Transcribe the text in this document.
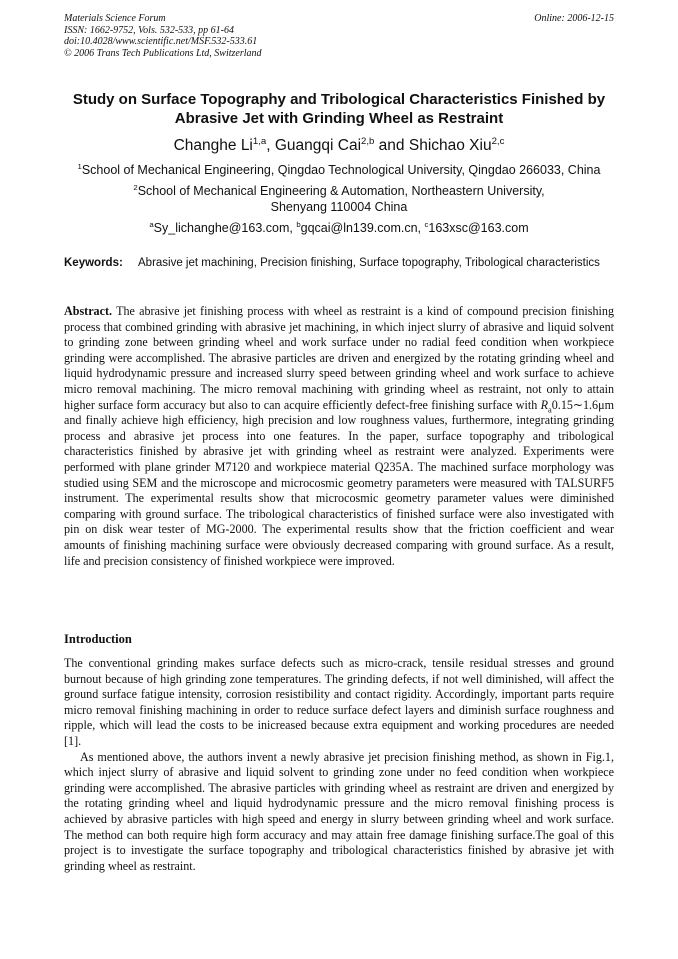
Materials Science Forum
ISSN: 1662-9752, Vols. 532-533, pp 61-64
doi:10.4028/www.scientific.net/MSF.532-533.61
© 2006 Trans Tech Publications Ltd, Switzerland
Online: 2006-12-15
Study on Surface Topography and Tribological Characteristics Finished by Abrasive Jet with Grinding Wheel as Restraint
Changhe Li$^{1,a}$, Guangqi Cai$^{2,b}$ and Shichao Xiu$^{2,c}$
$^1$School of Mechanical Engineering, Qingdao Technological University, Qingdao 266033, China
$^2$School of Mechanical Engineering & Automation, Northeastern University,
Shenyang 110004 China
$^a$Sy_lichanghe@163.com, $^b$gqcai@ln139.com.cn, $^c$163xsc@163.com
Keywords: Abrasive jet machining, Precision finishing, Surface topography, Tribological characteristics

Abstract. The abrasive jet finishing process with wheel as restraint is a kind of compound precision finishing process that combined grinding with abrasive jet machining, in which inject slurry of abrasive and liquid solvent to grinding zone between grinding wheel and work surface under no radial feed condition when workpiece grinding were accomplished. The abrasive particles are driven and energized by the rotating grinding wheel and liquid hydrodynamic pressure and increased slurry speed between grinding wheel and work surface to achieve micro removal machining. The micro removal machining with grinding wheel as restraint, not only to attain higher surface form accuracy but also to can acquire efficiently defect-free finishing surface with $R_a0.15\sim 1.6\mu m$ and finally achieve high efficiency, high precision and low roughness values, furthermore, integrating grinding process and abrasive jet process into one features. In the paper, surface topography and tribological characteristics finished by abrasive jet with grinding wheel as restraint were analyzed. Experiments were performed with plane grinder M7120 and workpiece material Q235A. The machined surface morphology was studied using SEM and the microscope and microcosmic geometry parameters were measured with TALSURF5 instrument. The experimental results show that microcosmic geometry parameter values were diminished comparing with ground surface. The tribological characteristics of finished surface were also investigated with pin on disk wear tester of MG-2000. The experimental results show that the friction coefficient and wear amounts of finishing machining surface were obviously decreased comparing with ground surface. As a result, life and precision consistency of finished workpiece were improved.

Introduction

The conventional grinding makes surface defects such as micro-crack, tensile residual stresses and ground burnout because of high grinding zone temperatures. The grinding defects, if not well diminished, will affect the ground surface fatigue intensity, corrosion resistibility and contact rigidity. Accordingly, important parts require micro removal finishing machining in order to reduce surface defect layers and diminish surface roughness and ripple, which will lead the costs to be inicreased because extra equipment and working procedures are needed [1].

As mentioned above, the authors invent a newly abrasive jet precision finishing method, as shown in Fig.1, which inject slurry of abrasive and liquid solvent to grinding zone under no feed condition when workpiece grinding were accomplished. The abrasive particles with grinding wheel as restraint are driven and energized by the rotating grinding wheel and liquid hydrodynamic pressure and the micro removal finishing process is achieved by abrasive particles with high speed and energy in slurry between grinding wheel and work surface. The method can both require high form accuracy and may attain free damage finishing surface.The goal of this project is to investigate the surface topography and tribological characteristics finished by abrasive jet with grinding wheel as restraint.
